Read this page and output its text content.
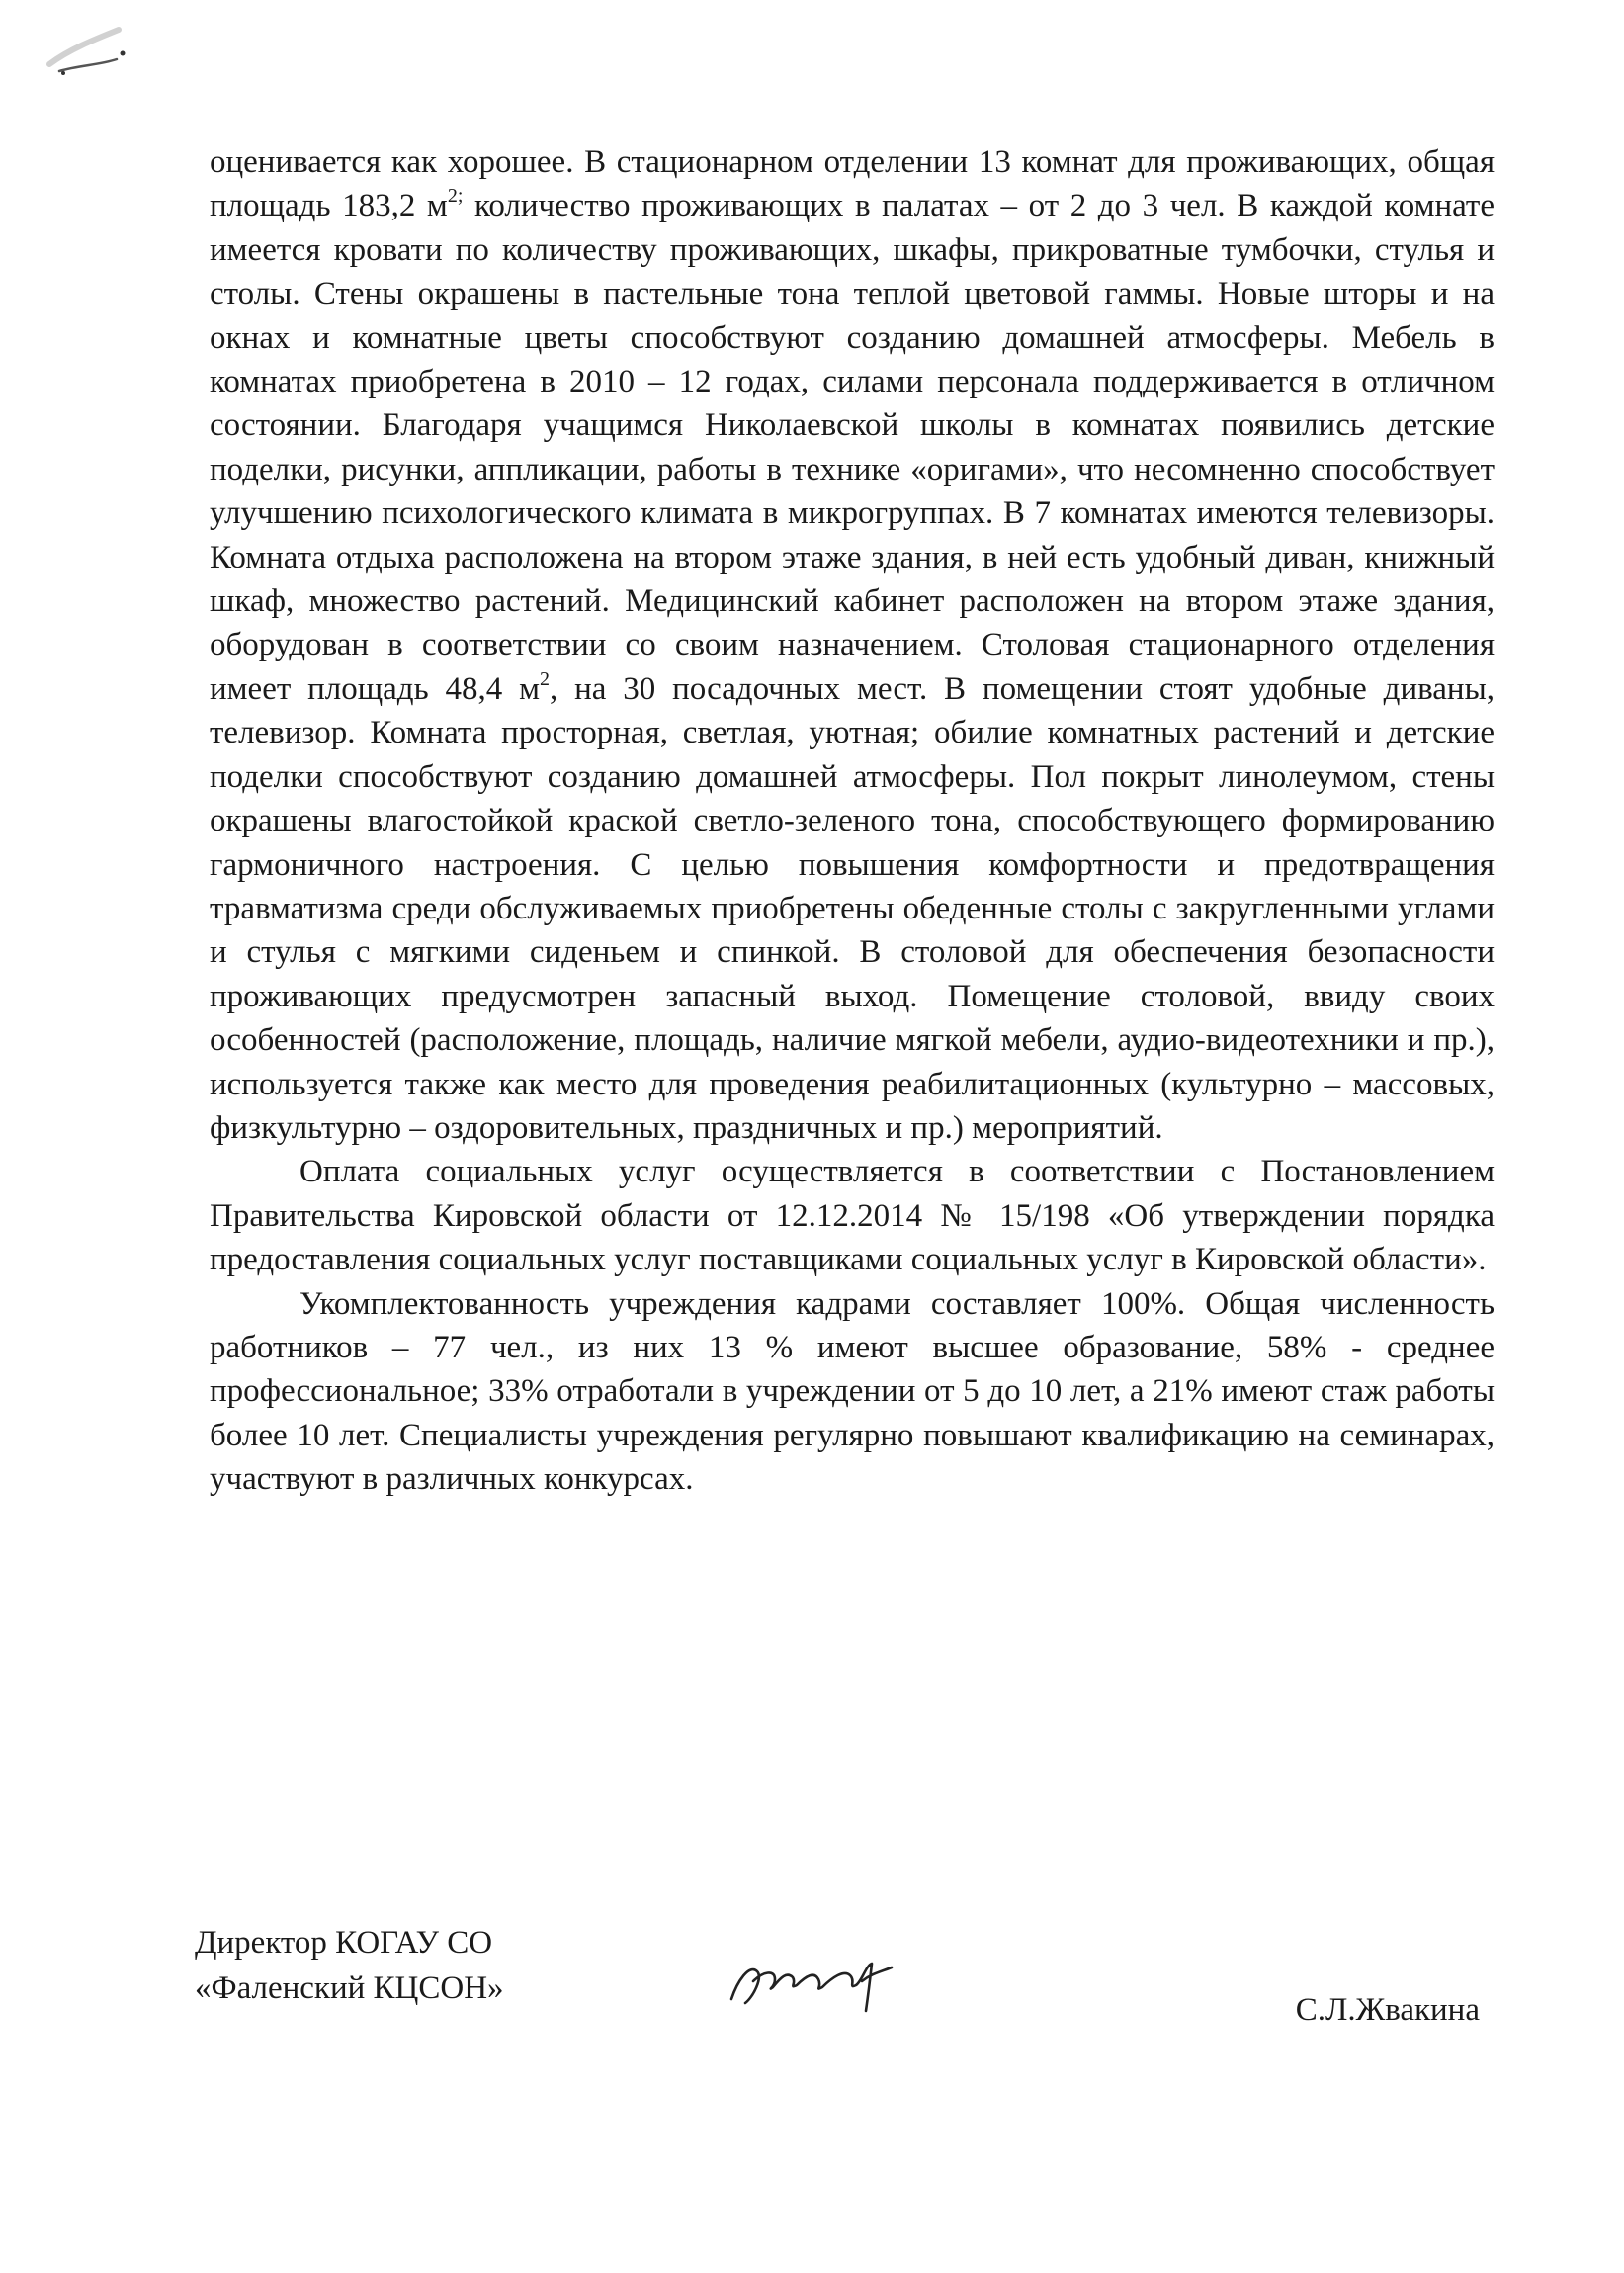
оценивается как хорошее. В стационарном отделении 13 комнат для проживающих, общая площадь 183,2 $м^{2;}$ количество проживающих в палатах – от 2 до 3 чел. В каждой комнате имеется кровати по количеству проживающих, шкафы, прикроватные тумбочки, стулья и столы. Стены окрашены в пастельные тона теплой цветовой гаммы. Новые шторы и на окнах и комнатные цветы способствуют созданию домашней атмосферы. Мебель в комнатах приобретена в 2010 – 12 годах, силами персонала поддерживается в отличном состоянии. Благодаря учащимся Николаевской школы в комнатах появились детские поделки, рисунки, аппликации, работы в технике «оригами», что несомненно способствует улучшению психологического климата в микрогруппах. В 7 комнатах имеются телевизоры. Комната отдыха расположена на втором этаже здания, в ней есть удобный диван, книжный шкаф, множество растений. Медицинский кабинет расположен на втором этаже здания, оборудован в соответствии со своим назначением. Столовая стационарного отделения имеет площадь 48,4 $м^2$, на 30 посадочных мест. В помещении стоят удобные диваны, телевизор. Комната просторная, светлая, уютная; обилие комнатных растений и детские поделки способствуют созданию домашней атмосферы. Пол покрыт линолеумом, стены окрашены влагостойкой краской светло-зеленого тона, способствующего формированию гармоничного настроения. С целью повышения комфортности и предотвращения травматизма среди обслуживаемых приобретены обеденные столы с закругленными углами и стулья с мягкими сиденьем и спинкой. В столовой для обеспечения безопасности проживающих предусмотрен запасный выход. Помещение столовой, ввиду своих особенностей (расположение, площадь, наличие мягкой мебели, аудио-видеотехники и пр.), используется также как место для проведения реабилитационных (культурно – массовых, физкультурно – оздоровительных, праздничных и пр.) мероприятий.

Оплата социальных услуг осуществляется в соответствии с Постановлением Правительства Кировской области от 12.12.2014 № 15/198 «Об утверждении порядка предоставления социальных услуг поставщиками социальных услуг в Кировской области».

Укомплектованность учреждения кадрами составляет 100%. Общая численность работников – 77 чел., из них 13 % имеют высшее образование, 58% - среднее профессиональное; 33% отработали в учреждении от 5 до 10 лет, а 21% имеют стаж работы более 10 лет. Специалисты учреждения регулярно повышают квалификацию на семинарах, участвуют в различных конкурсах.

Директор КОГАУ СО
«Фаленский КЦСОН»
С.Л.Жвакина
